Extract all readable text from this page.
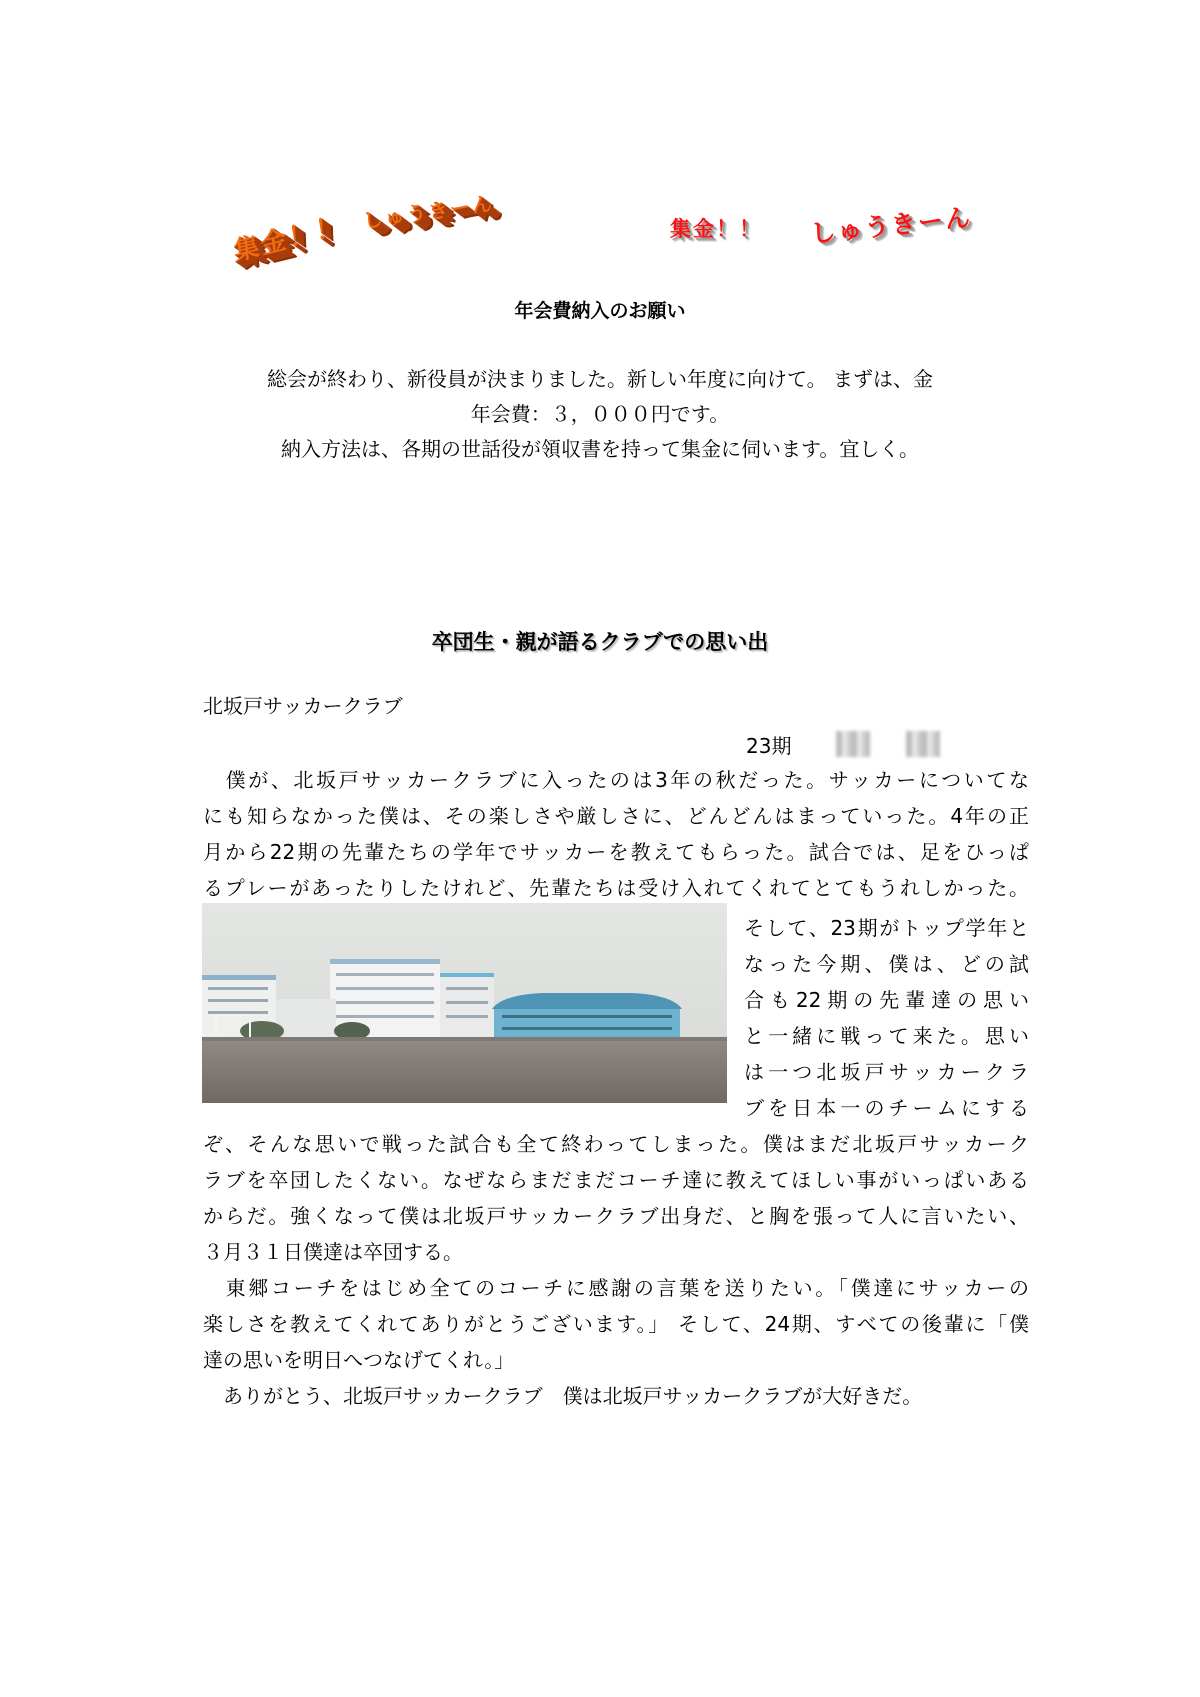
集金！！ しゅうきーん	集金！！ しゅうきーん
年会費納入のお願い
総会が終わり、新役員が決まりました。新しい年度に向けて。 まずは、金
年会費：３，０００円です。
納入方法は、各期の世話役が領収書を持って集金に伺います。宜しく。
卒団生・親が語るクラブでの思い出
北坂戸サッカークラブ
23期
　僕が、北坂戸サッカークラブに入ったのは3年の秋だった。サッカーについてな
にも知らなかった僕は、その楽しさや厳しさに、どんどんはまっていった。4年の正
月から22期の先輩たちの学年でサッカーを教えてもらった。試合では、足をひっぱ
るプレーがあったりしたけれど、先輩たちは受け入れてくれてとてもうれしかった。
そして、23期がトップ学年と
なった今期、僕は、どの試
合も22期の先輩達の思い
と一緒に戦って来た。思い
は一つ北坂戸サッカークラ
ブを日本一のチームにする
ぞ、そんな思いで戦った試合も全て終わってしまった。僕はまだ北坂戸サッカーク
ラブを卒団したくない。なぜならまだまだコーチ達に教えてほしい事がいっぱいある
からだ。強くなって僕は北坂戸サッカークラブ出身だ、と胸を張って人に言いたい、
３月３１日僕達は卒団する。
　東郷コーチをはじめ全てのコーチに感謝の言葉を送りたい。「僕達にサッカーの
楽しさを教えてくれてありがとうございます。」 そして、24期、すべての後輩に「僕
達の思いを明日へつなげてくれ。」
　ありがとう、北坂戸サッカークラブ　僕は北坂戸サッカークラブが大好きだ。
